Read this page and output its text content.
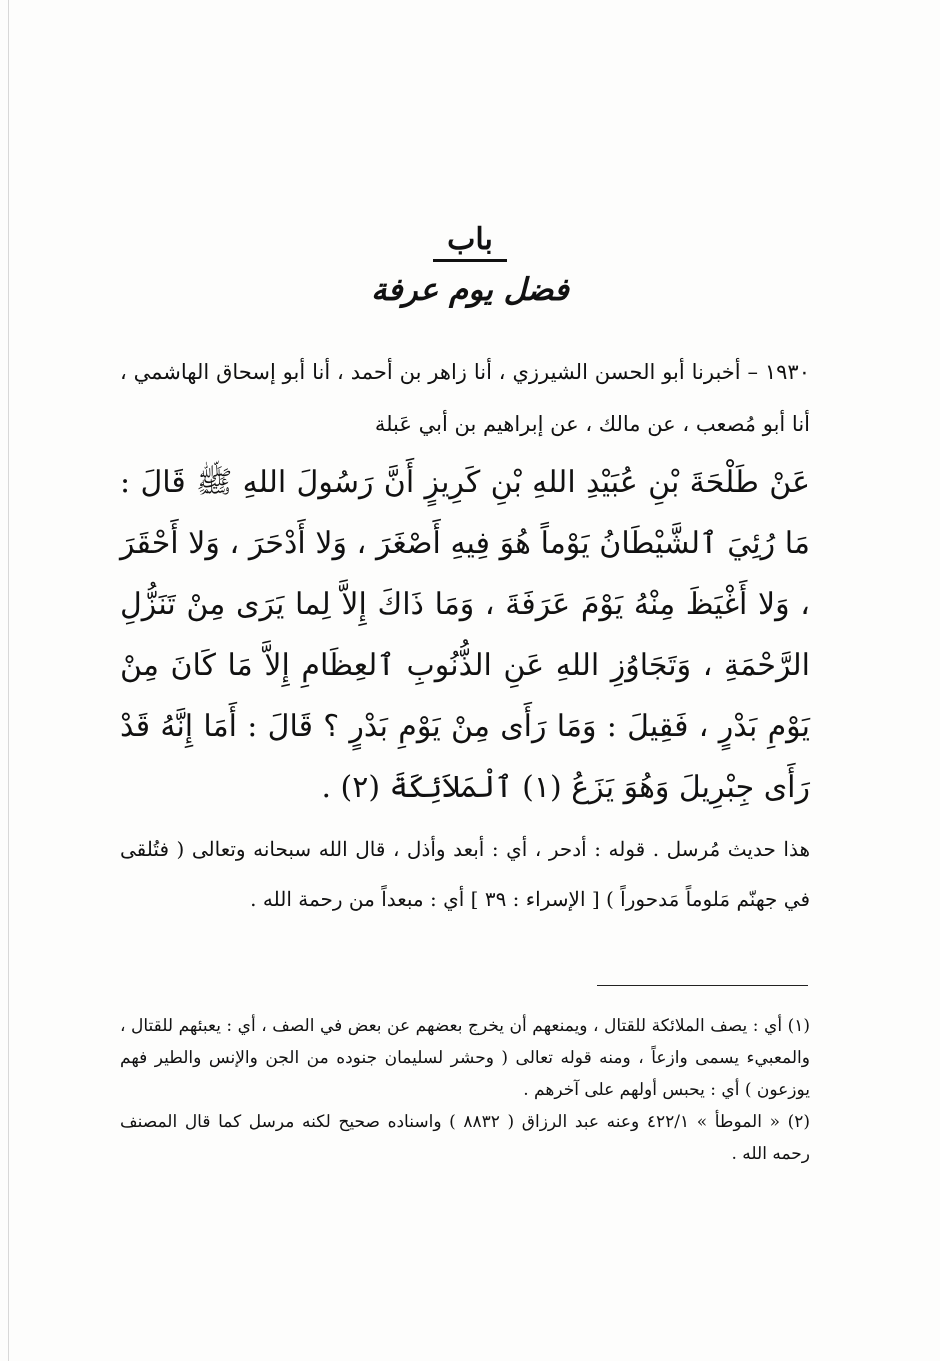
باب
فضل يوم عرفة

١٩٣٠ – أخبرنا أبو الحسن الشيرزي ، أنا زاهر بن أحمد ، أنا أبو إسحاق الهاشمي ، أنا أبو مُصعب ، عن مالك ، عن إبراهيم بن أبي عَبلة

عَنْ طَلْحَةَ بْنِ عُبَيْدِ اللهِ بْنِ كَرِيزٍ أَنَّ رَسُولَ اللهِ ﷺ قَالَ : مَا رُئِيَ ٱلشَّيْطَانُ يَوْماً هُوَ فِيهِ أَصْغَرَ ، وَلا أَدْحَرَ ، وَلا أَحْقَرَ ، وَلا أَغْيَظَ مِنْهُ يَوْمَ عَرَفَةَ ، وَمَا ذَاكَ إِلاَّ لِما يَرَى مِنْ تَنَزُّلِ الرَّحْمَةِ ، وَتَجَاوُزِ اللهِ عَنِ الذُّنُوبِ ٱلعِظَامِ إِلاَّ مَا كَانَ مِنْ يَوْمِ بَدْرٍ ، فَقِيلَ : وَمَا رَأَى مِنْ يَوْمِ بَدْرٍ ؟ قَالَ : أَمَا إِنَّهُ قَدْ رَأَى جِبْرِيلَ وَهُوَ يَزَعُ (١) ٱلْمَلاَئِكَةَ (٢) .

هذا حديث مُرسل . قوله : أدحر ، أي : أبعد وأذل ، قال الله سبحانه وتعالى ( فتُلقى في جهنّم مَلوماً مَدحوراً ) [ الإسراء : ٣٩ ] أي : مبعداً من رحمة الله .

(١) أي : يصف الملائكة للقتال ، ويمنعهم أن يخرج بعضهم عن بعض في الصف ، أي : يعبئهم للقتال ، والمعبيء يسمى وازعاً ، ومنه قوله تعالى ( وحشر لسليمان جنوده من الجن والإنس والطير فهم يوزعون ) أي : يحبس أولهم على آخرهم .

(٢) « الموطأ » ٤٢٢/١ وعنه عبد الرزاق ( ٨٨٣٢ ) واسناده صحيح لكنه مرسل كما قال المصنف رحمه الله .
